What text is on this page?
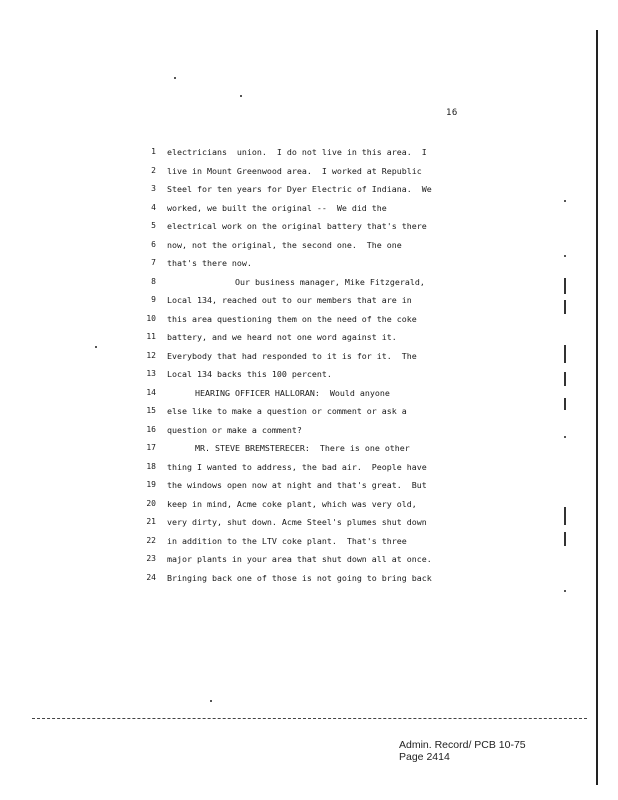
16
1 electricians  union.  I do not live in this area.  I
2 live in Mount Greenwood area.  I worked at Republic
3 Steel for ten years for Dyer Electric of Indiana.  We
4 worked, we built the original --  We did the
5 electrical work on the original battery that's there
6 now, not the original, the second one.  The one
7 that's there now.
8	Our business manager, Mike Fitzgerald,
9 Local 134, reached out to our members that are in
10 this area questioning them on the need of the coke
11 battery, and we heard not one word against it.
12 Everybody that had responded to it is for it.  The
13 Local 134 backs this 100 percent.
14	HEARING OFFICER HALLORAN:  Would anyone
15 else like to make a question or comment or ask a
16 question or make a comment?
17	MR. STEVE BREMSTERECER:  There is one other
18 thing I wanted to address, the bad air.  People have
19 the windows open now at night and that's great.  But
20 keep in mind, Acme coke plant, which was very old,
21 very dirty, shut down. Acme Steel's plumes shut down
22 in addition to the LTV coke plant.  That's three
23 major plants in your area that shut down all at once.
24 Bringing back one of those is not going to bring back
Admin. Record/ PCB 10-75
Page 2414
